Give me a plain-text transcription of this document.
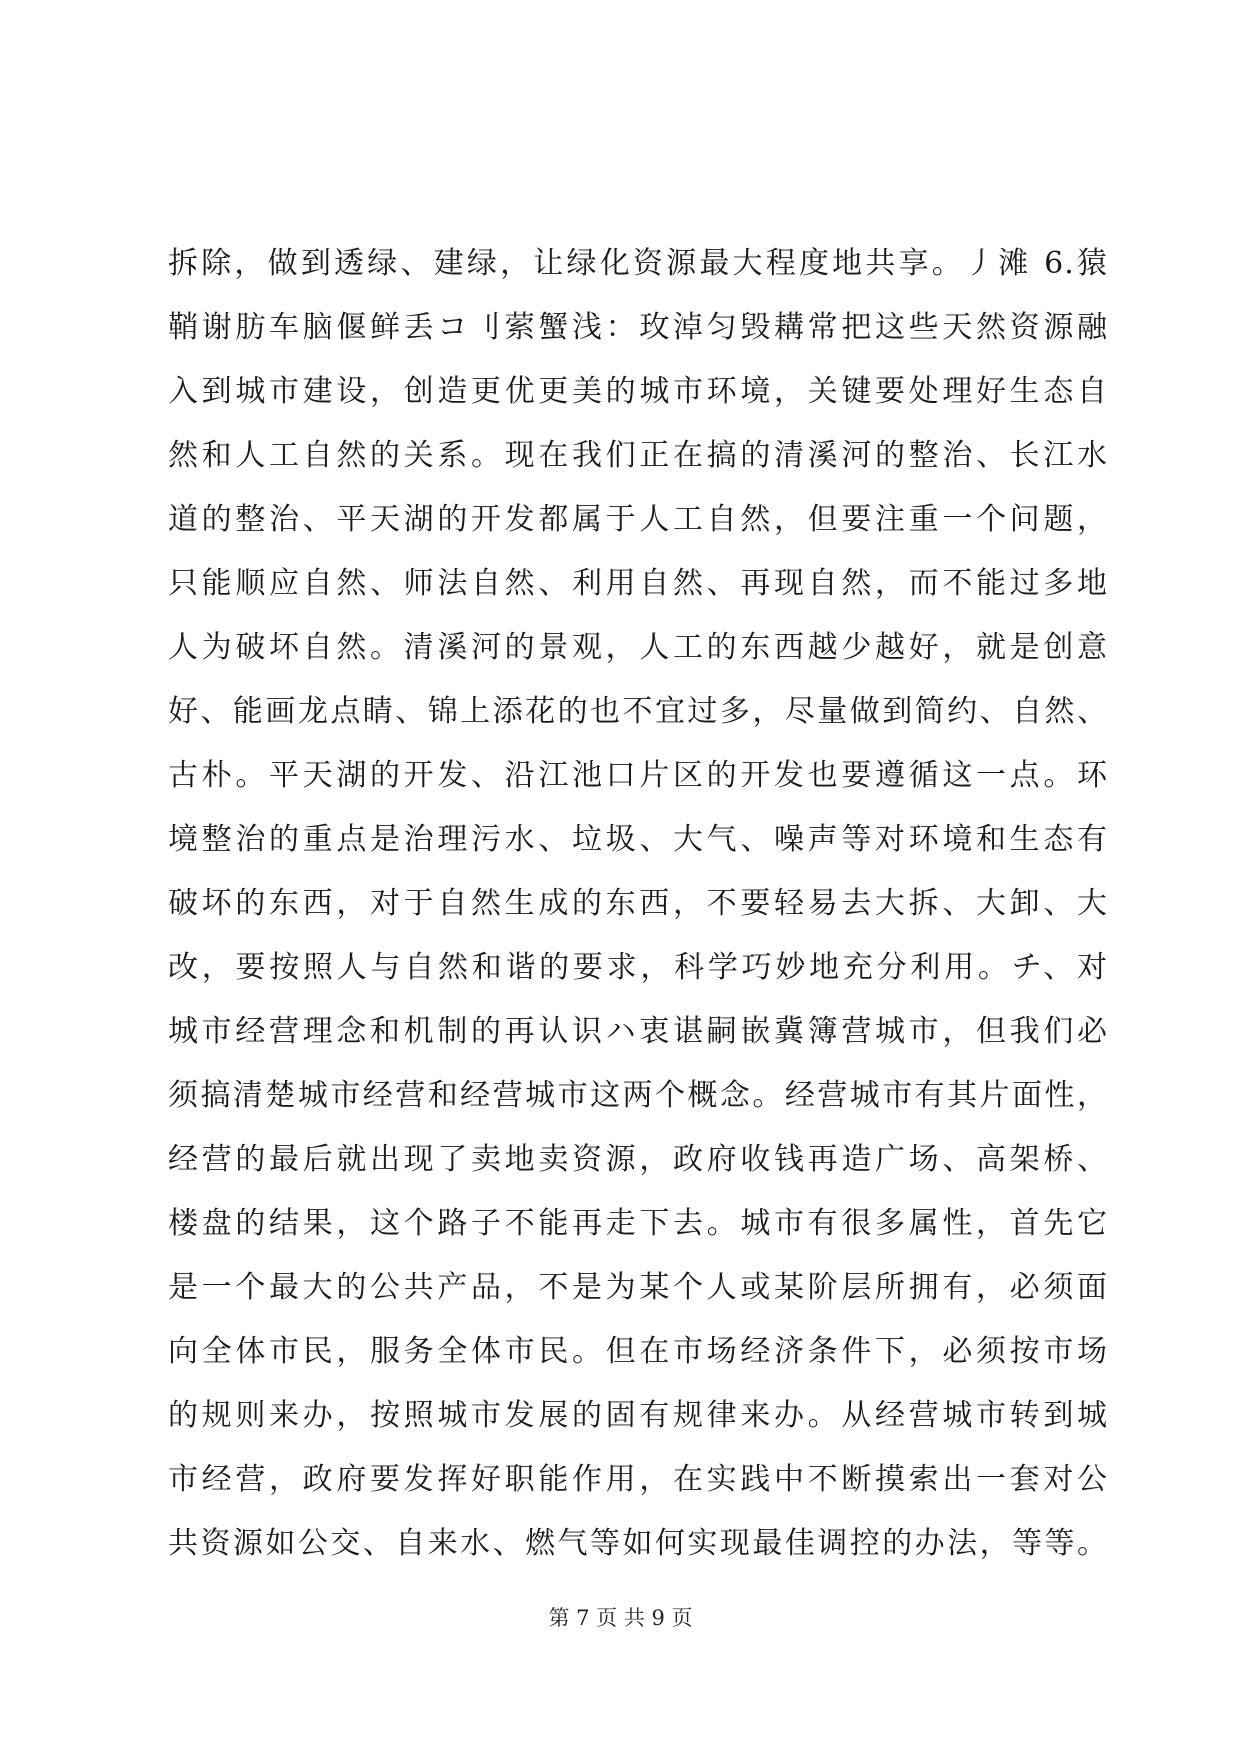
拆除，做到透绿、建绿，让绿化资源最大程度地共享。丿滩 6.猿
鞘谢肪车脑偃鲜丢コ刂萦蟹浅：玫淖匀毁耩常把这些天然资源融
入到城市建设，创造更优更美的城市环境，关键要处理好生态自
然和人工自然的关系。现在我们正在搞的清溪河的整治、长江水
道的整治、平天湖的开发都属于人工自然，但要注重一个问题，
只能顺应自然、师法自然、利用自然、再现自然，而不能过多地
人为破坏自然。清溪河的景观，人工的东西越少越好，就是创意
好、能画龙点睛、锦上添花的也不宜过多，尽量做到简约、自然、
古朴。平天湖的开发、沿江池口片区的开发也要遵循这一点。环
境整治的重点是治理污水、垃圾、大气、噪声等对环境和生态有
破坏的东西，对于自然生成的东西，不要轻易去大拆、大卸、大
改，要按照人与自然和谐的要求，科学巧妙地充分利用。チ、对
城市经营理念和机制的再认识ハ衷谌嗣嵌冀簿营城市，但我们必
须搞清楚城市经营和经营城市这两个概念。经营城市有其片面性，
经营的最后就出现了卖地卖资源，政府收钱再造广场、高架桥、
楼盘的结果，这个路子不能再走下去。城市有很多属性，首先它
是一个最大的公共产品，不是为某个人或某阶层所拥有，必须面
向全体市民，服务全体市民。但在市场经济条件下，必须按市场
的规则来办，按照城市发展的固有规律来办。从经营城市转到城
市经营，政府要发挥好职能作用，在实践中不断摸索出一套对公
共资源如公交、自来水、燃气等如何实现最佳调控的办法，等等。
第 7 页 共 9 页
